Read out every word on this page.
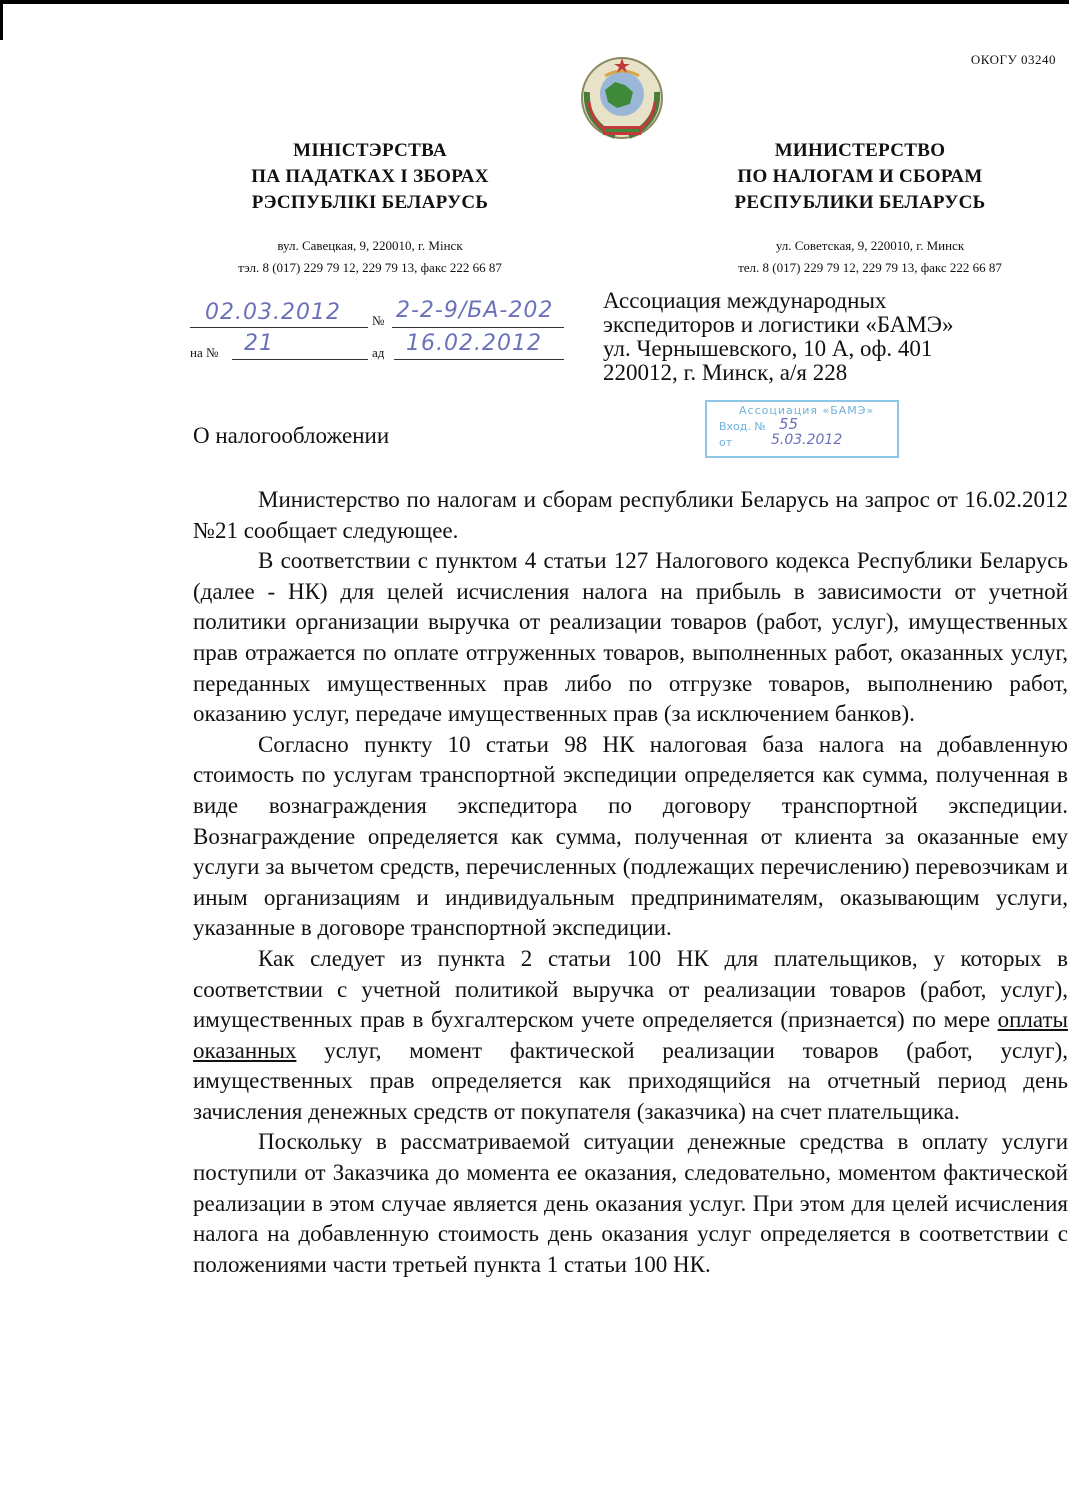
ОКОГУ 03240
МІНІСТЭРСТВА
ПА ПАДАТКАХ І ЗБОРАХ
РЭСПУБЛІКІ БЕЛАРУСЬ
МИНИСТЕРСТВО
ПО НАЛОГАМ И СБОРАМ
РЕСПУБЛИКИ БЕЛАРУСЬ
вул. Савецкая, 9, 220010, г. Мінск
тэл. 8 (017) 229 79 12, 229 79 13, факс 222 66 87
ул. Советская, 9, 220010, г. Минск
тел. 8 (017) 229 79 12, 229 79 13, факс 222 66 87
02.03.2012 № 2-2-9/БА-202
на № 21	ад 16.02.2012
Ассоциация международных
экспедиторов и логистики «БАМЭ»
ул. Чернышевского, 10 А, оф. 401
220012, г. Минск, а/я 228
Ассоциация «БАМЭ»
Вход. № 55
от	5.03.2012
О налогообложении

Министерство по налогам и сборам республики Беларусь на запрос от 16.02.2012 №21 сообщает следующее.

В соответствии с пунктом 4 статьи 127 Налогового кодекса Республики Беларусь (далее - НК) для целей исчисления налога на прибыль в зависимости от учетной политики организации выручка от реализации товаров (работ, услуг), имущественных прав отражается по оплате отгруженных товаров, выполненных работ, оказанных услуг, переданных имущественных прав либо по отгрузке товаров, выполнению работ, оказанию услуг, передаче имущественных прав (за исключением банков).

Согласно пункту 10 статьи 98 НК налоговая база налога на добавленную стоимость по услугам транспортной экспедиции определяется как сумма, полученная в виде вознаграждения экспедитора по договору транспортной экспедиции. Вознаграждение определяется как сумма, полученная от клиента за оказанные ему услуги за вычетом средств, перечисленных (подлежащих перечислению) перевозчикам и иным организациям и индивидуальным предпринимателям, оказывающим услуги, указанные в договоре транспортной экспедиции.

Как следует из пункта 2 статьи 100 НК для плательщиков, у которых в соответствии с учетной политикой выручка от реализации товаров (работ, услуг), имущественных прав в бухгалтерском учете определяется (признается) по мере оплаты оказанных услуг, момент фактической реализации товаров (работ, услуг), имущественных прав определяется как приходящийся на отчетный период день зачисления денежных средств от покупателя (заказчика) на счет плательщика.

Поскольку в рассматриваемой ситуации денежные средства в оплату услуги поступили от Заказчика до момента ее оказания, следовательно, моментом фактической реализации в этом случае является день оказания услуг. При этом для целей исчисления налога на добавленную стоимость день оказания услуг определяется в соответствии с положениями части третьей пункта 1 статьи 100 НК.
